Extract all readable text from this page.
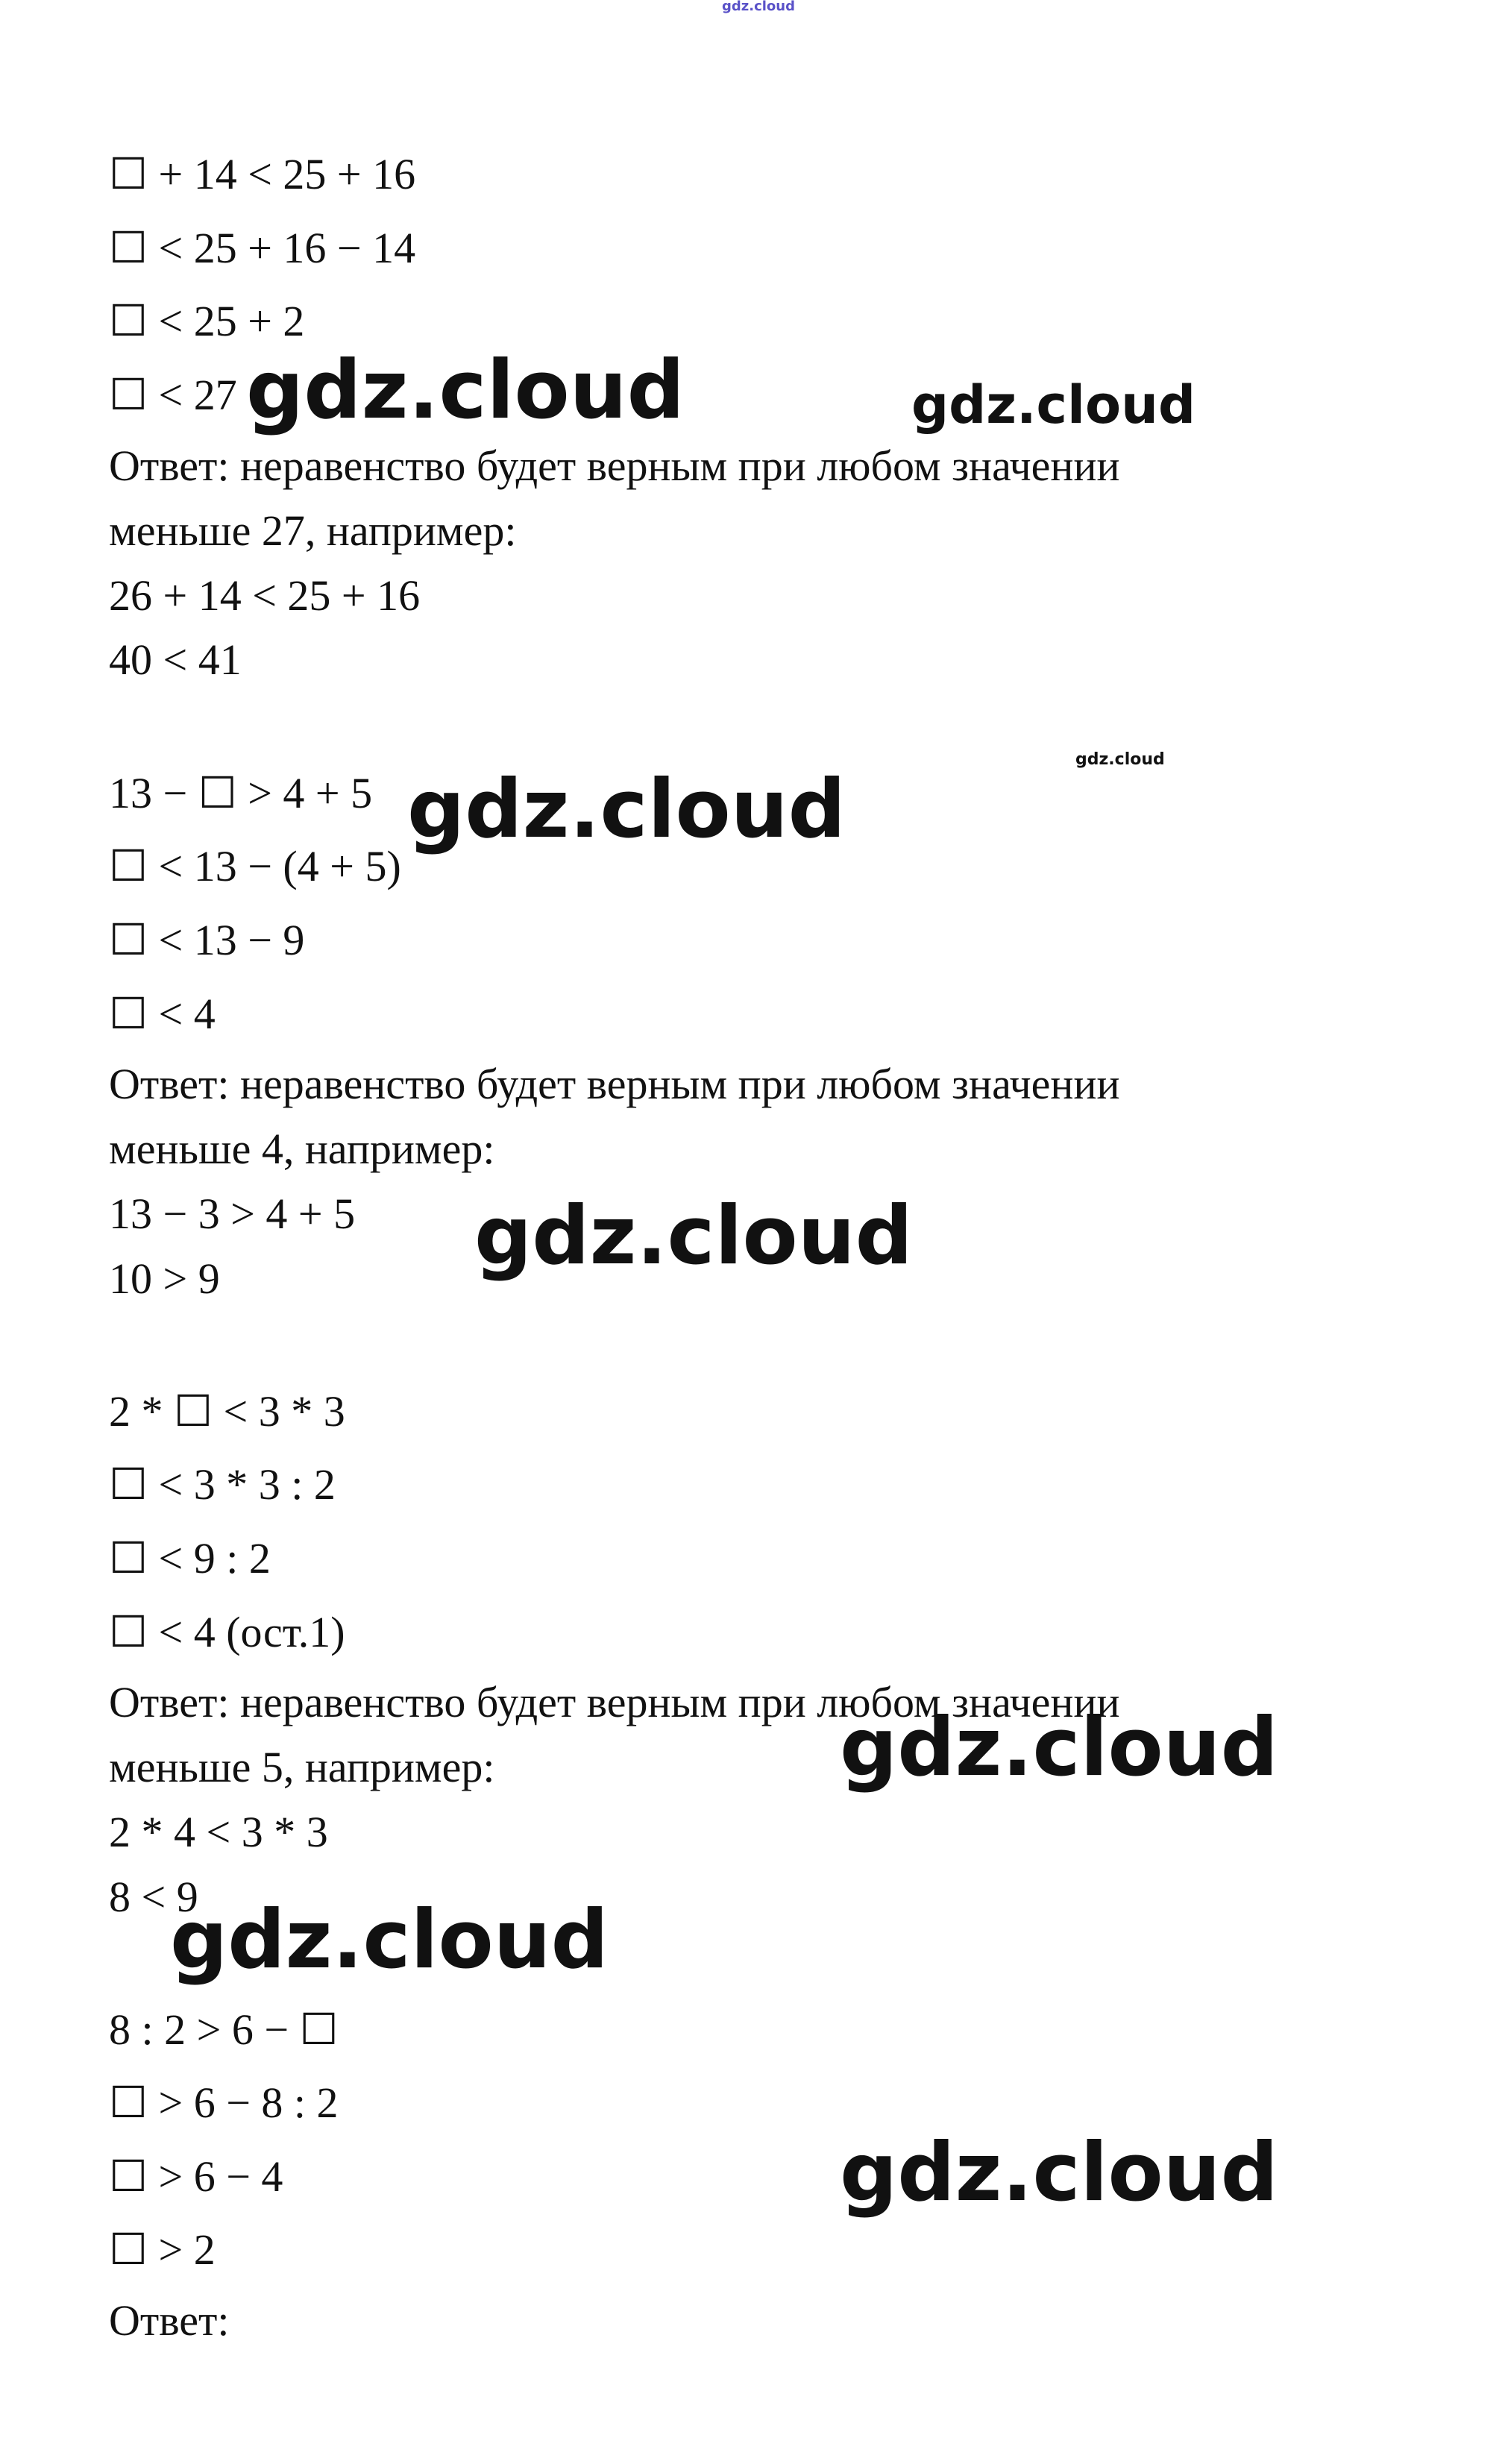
gdz.cloud
gdz.cloud	gdz.cloud
gdz.cloud
gdz.cloud
gdz.cloud
gdz.cloud
gdz.cloud
gdz.cloud

☐ + 14 < 25 + 16

☐ < 25 + 16 − 14

☐ < 25 + 2

☐ < 27

Ответ: неравенство будет верным при любом значении

меньше 27, например:

26 + 14 < 25 + 16

40 < 41

13 − ☐ > 4 + 5

☐ < 13 − (4 + 5)

☐ < 13 − 9

☐ < 4

Ответ: неравенство будет верным при любом значении

меньше 4, например:

13 − 3 > 4 + 5

10 > 9

2 * ☐ < 3 * 3

☐ < 3 * 3 : 2

☐ < 9 : 2

☐ < 4 (ост.1)

Ответ: неравенство будет верным при любом значении

меньше 5, например:

2 * 4 < 3 * 3

8 < 9

8 : 2 > 6 − ☐

☐ > 6 − 8 : 2

☐ > 6 − 4

☐ > 2

Ответ:
